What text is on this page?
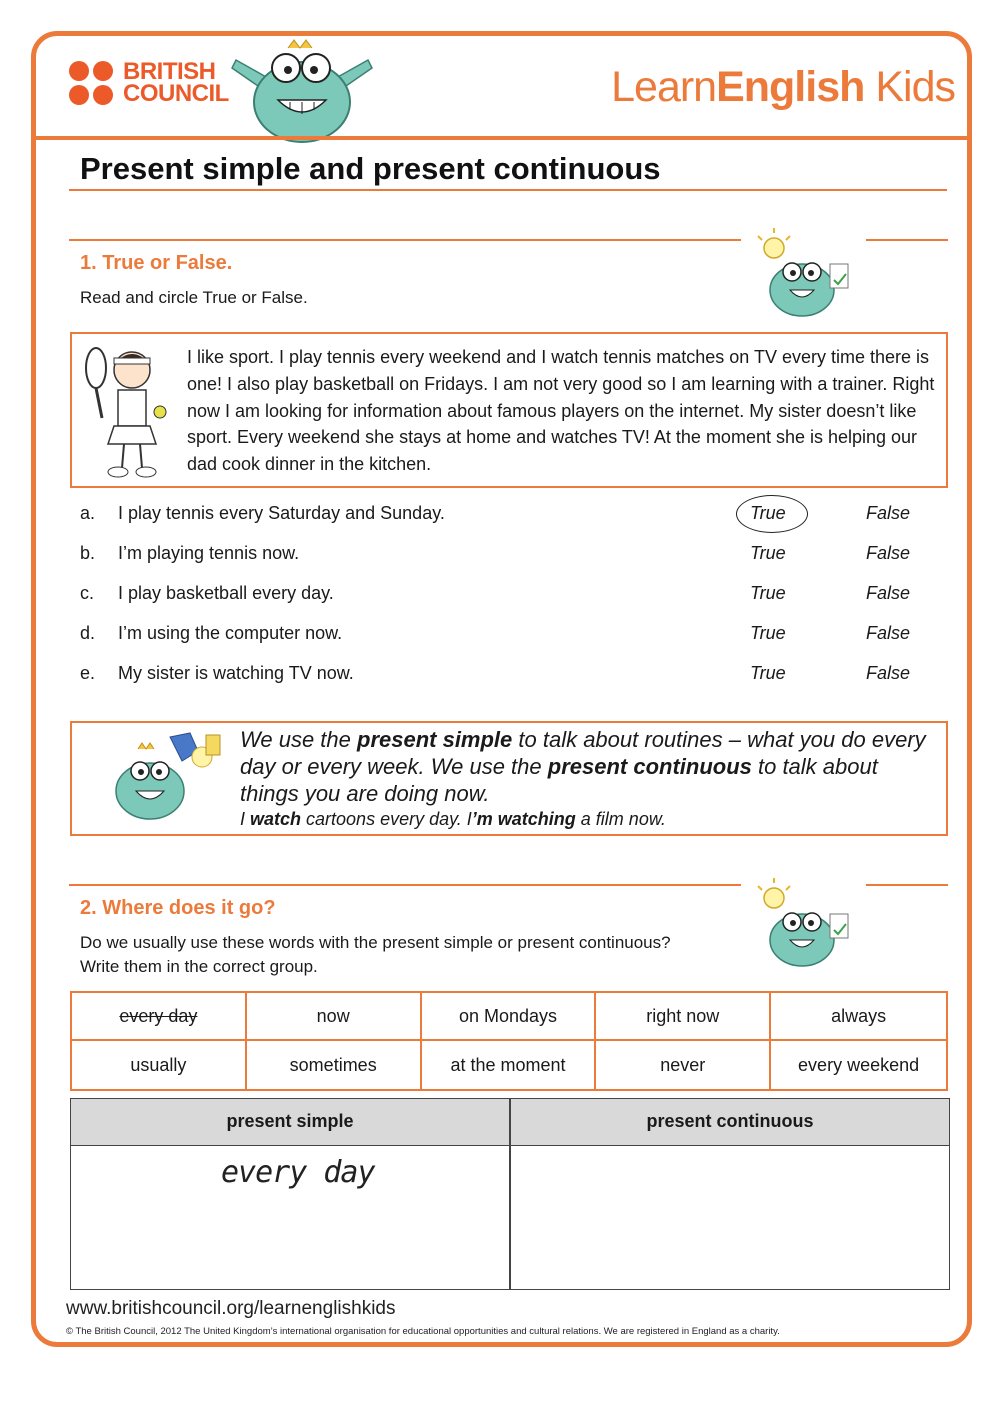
BRITISH
COUNCIL	LearnEnglish Kids
Present simple and present continuous
1. True or False.
Read and circle True or False.
I like sport. I play tennis every weekend and I watch tennis matches on TV every time there is one! I also play basketball on Fridays. I am not very good so I am learning with a trainer. Right now I am looking for information about famous players on the internet. My sister doesn’t like sport. Every weekend she stays at home and watches TV! At the moment she is helping our dad cook dinner in the kitchen.
a. I play tennis every Saturday and Sunday.	True	False
b. I’m playing tennis now.	True	False
c. I play basketball every day.	True	False
d. I’m using the computer now.	True	False
e. My sister is watching TV now.	True	False
We use the present simple to talk about routines – what you do every day or every week. We use the present continuous to talk about things you are doing now.
I watch cartoons every day. I’m watching a film now.
2. Where does it go?
Do we usually use these words with the present simple or present continuous?
Write them in the correct group.
every day	now	on Mondays	right now	always
usually	sometimes	at the moment	never	every weekend
present simple	present continuous
every day
www.britishcouncil.org/learnenglishkids
© The British Council, 2012 The United Kingdom’s international organisation for educational opportunities and cultural relations. We are registered in England as a charity.
